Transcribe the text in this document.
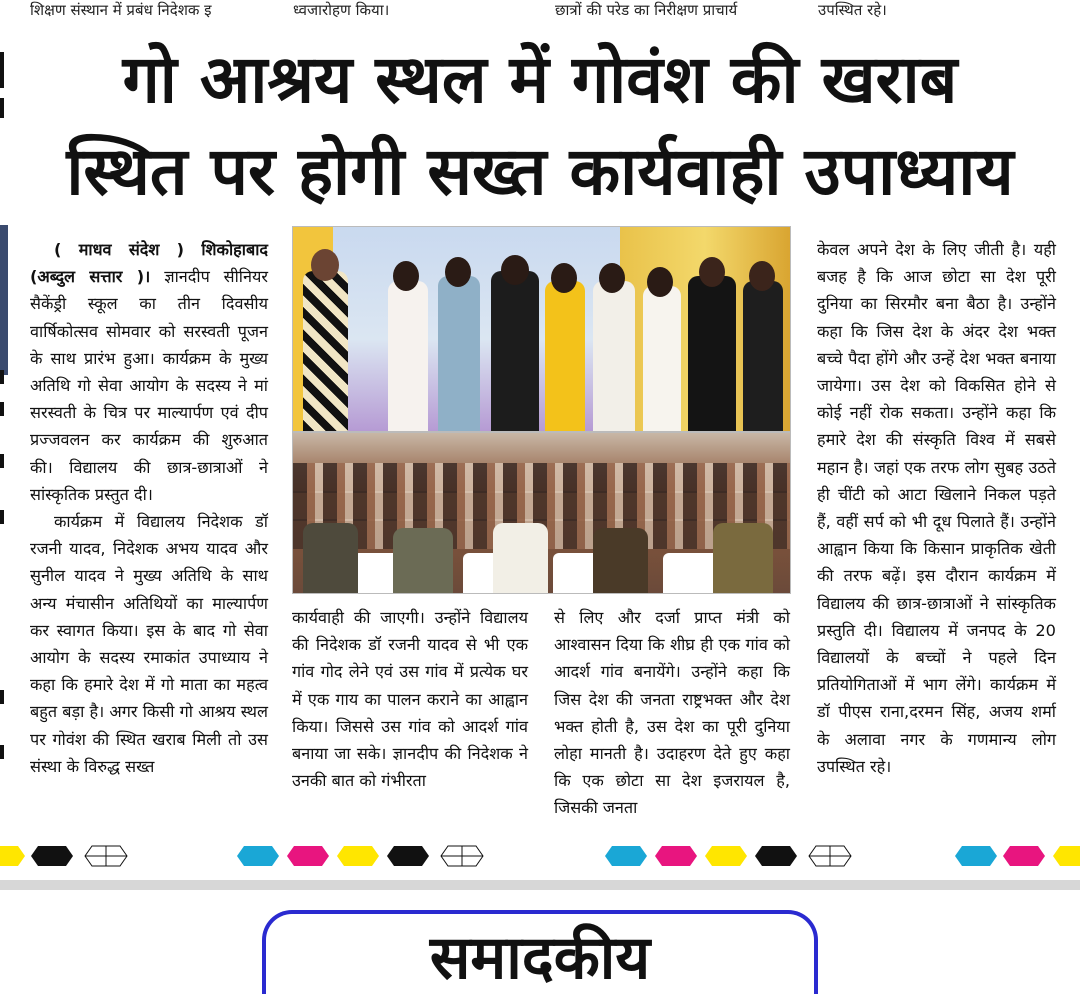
शिक्षण संस्थान में प्रबंध निदेशक इ	ध्वजारोहण किया।	छात्रों की परेड का निरीक्षण प्राचार्य	उपस्थित रहे।
गो आश्रय स्थल में गोवंश की खराब
स्थित पर होगी सख्त कार्यवाही उपाध्याय

( माधव संदेश ) शिकोहाबाद (अब्दुल सत्तार )। ज्ञानदीप सीनियर सैकेंड्री स्कूल का तीन दिवसीय वार्षिकोत्सव सोमवार को सरस्वती पूजन के साथ प्रारंभ हुआ। कार्यक्रम के मुख्य अतिथि गो सेवा आयोग के सदस्य ने मां सरस्वती के चित्र पर माल्यार्पण एवं दीप प्रज्जवलन कर कार्यक्रम की शुरुआत की। विद्यालय की छात्र-छात्राओं ने सांस्कृतिक प्रस्तुत दी।

कार्यक्रम में विद्यालय निदेशक डॉ रजनी यादव, निदेशक अभय यादव और सुनील यादव ने मुख्य अतिथि के साथ अन्य मंचासीन अतिथियों का माल्यार्पण कर स्वागत किया। इस के बाद गो सेवा आयोग के सदस्य रमाकांत उपाध्याय ने कहा कि हमारे देश में गो माता का महत्व बहुत बड़ा है। अगर किसी गो आश्रय स्थल पर गोवंश की स्थित खराब मिली तो उस संस्था के विरुद्ध सख्त

कार्यवाही की जाएगी। उन्होंने विद्यालय की निदेशक डॉ रजनी यादव से भी एक गांव गोद लेने एवं उस गांव में प्रत्येक घर में एक गाय का पालन कराने का आह्वान किया। जिससे उस गांव को आदर्श गांव बनाया जा सके। ज्ञानदीप की निदेशक ने उनकी बात को गंभीरता

से लिए और दर्जा प्राप्त मंत्री को आश्वासन दिया कि शीघ्र ही एक गांव को आदर्श गांव बनायेंगे। उन्होंने कहा कि जिस देश की जनता राष्ट्रभक्त और देश भक्त होती है, उस देश का पूरी दुनिया लोहा मानती है। उदाहरण देते हुए कहा कि एक छोटा सा देश इजरायल है, जिसकी जनता

केवल अपने देश के लिए जीती है। यही बजह है कि आज छोटा सा देश पूरी दुनिया का सिरमौर बना बैठा है। उन्होंने कहा कि जिस देश के अंदर देश भक्त बच्चे पैदा होंगे और उन्हें देश भक्त बनाया जायेगा। उस देश को विकसित होने से कोई नहीं रोक सकता। उन्होंने कहा कि हमारे देश की संस्कृति विश्व में सबसे महान है। जहां एक तरफ लोग सुबह उठते ही चींटी को आटा खिलाने निकल पड़ते हैं, वहीं सर्प को भी दूध पिलाते हैं। उन्होंने आह्वान किया कि किसान प्राकृतिक खेती की तरफ बढ़ें। इस दौरान कार्यक्रम में विद्यालय की छात्र-छात्राओं ने सांस्कृतिक प्रस्तुति दी। विद्यालय में जनपद के 20 विद्यालयों के बच्चों ने पहले दिन प्रतियोगिताओं में भाग लेंगे। कार्यक्रम में डॉ पीएस राना,दरमन सिंह, अजय शर्मा के अलावा नगर के गणमान्य लोग उपस्थित रहे।

समादकीय
